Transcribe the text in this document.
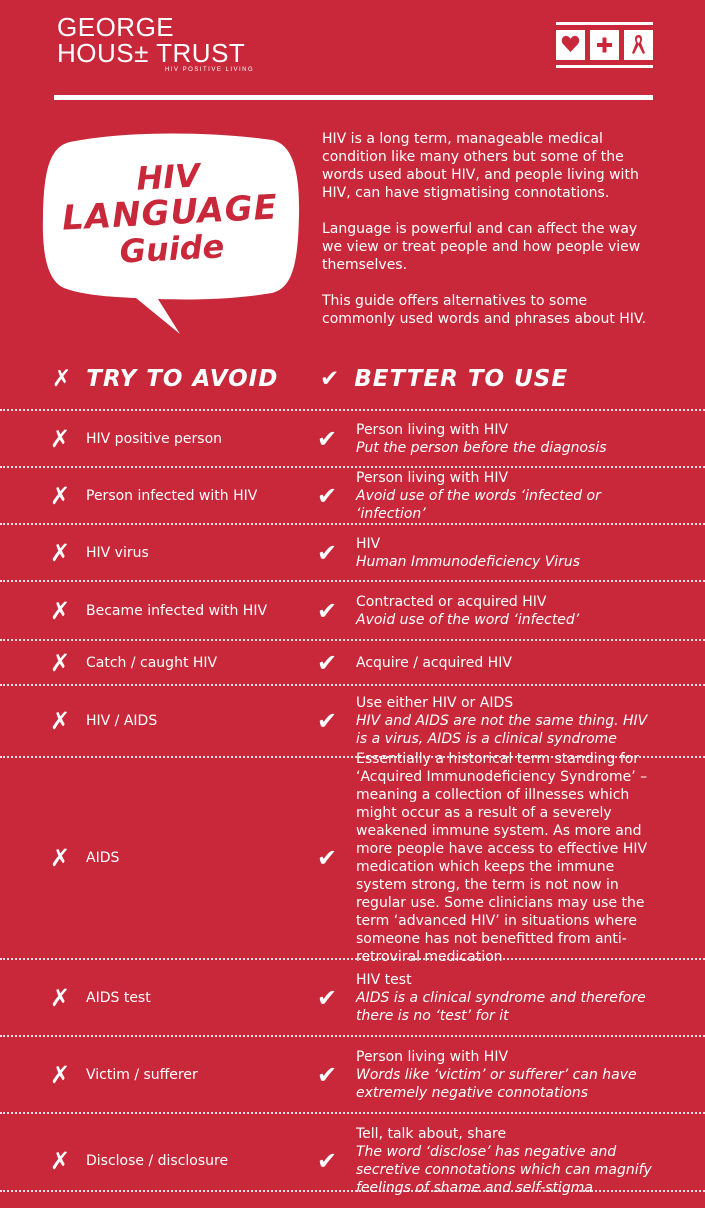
GEORGE
HOUS± TRUST
HIV POSITIVE LIVING
HIV
LANGUAGE
Guide

HIV is a long term, manageable medical condition like many others but some of the words used about HIV, and people living with HIV, can have stigmatising connotations.

Language is powerful and can affect the way we view or treat people and how people view themselves.

This guide offers alternatives to some commonly used words and phrases about HIV.

✗ TRY TO AVOID ✔ BETTER TO USE
✗ HIV positive person	✔ Person living with HIV
Put the person before the diagnosis
✗ Person infected with HIV ✔
Person living with HIV
Avoid use of the words ‘infected or ‘infection’
✗ HIV virus	✔ HIV
Human Immunodeficiency Virus
✗ Became infected with HIV ✔ Contracted or acquired HIV
Avoid use of the word ‘infected’
✗ Catch / caught HIV	✔ Acquire / acquired HIV
✗ HIV / AIDS	✔
Use either HIV or AIDS
HIV and AIDS are not the same thing. HIV is a virus, AIDS is a clinical syndrome
✗ AIDS	✔
Essentially a historical term standing for ‘Acquired Immunodeficiency Syndrome’ – meaning a collection of illnesses which might occur as a result of a severely weakened immune system. As more and more people have access to effective HIV medication which keeps the immune system strong, the term is not now in regular use. Some clinicians may use the term ‘advanced HIV’ in situations where someone has not benefitted from anti-retroviral medication
✗ AIDS test	✔
HIV test
AIDS is a clinical syndrome and therefore there is no ‘test’ for it
✗ Victim / sufferer	✔
Person living with HIV
Words like ‘victim’ or sufferer’ can have extremely negative connotations
✗ Disclose / disclosure	✔
Tell, talk about, share
The word ‘disclose’ has negative and secretive connotations which can magnify feelings of shame and self-stigma
